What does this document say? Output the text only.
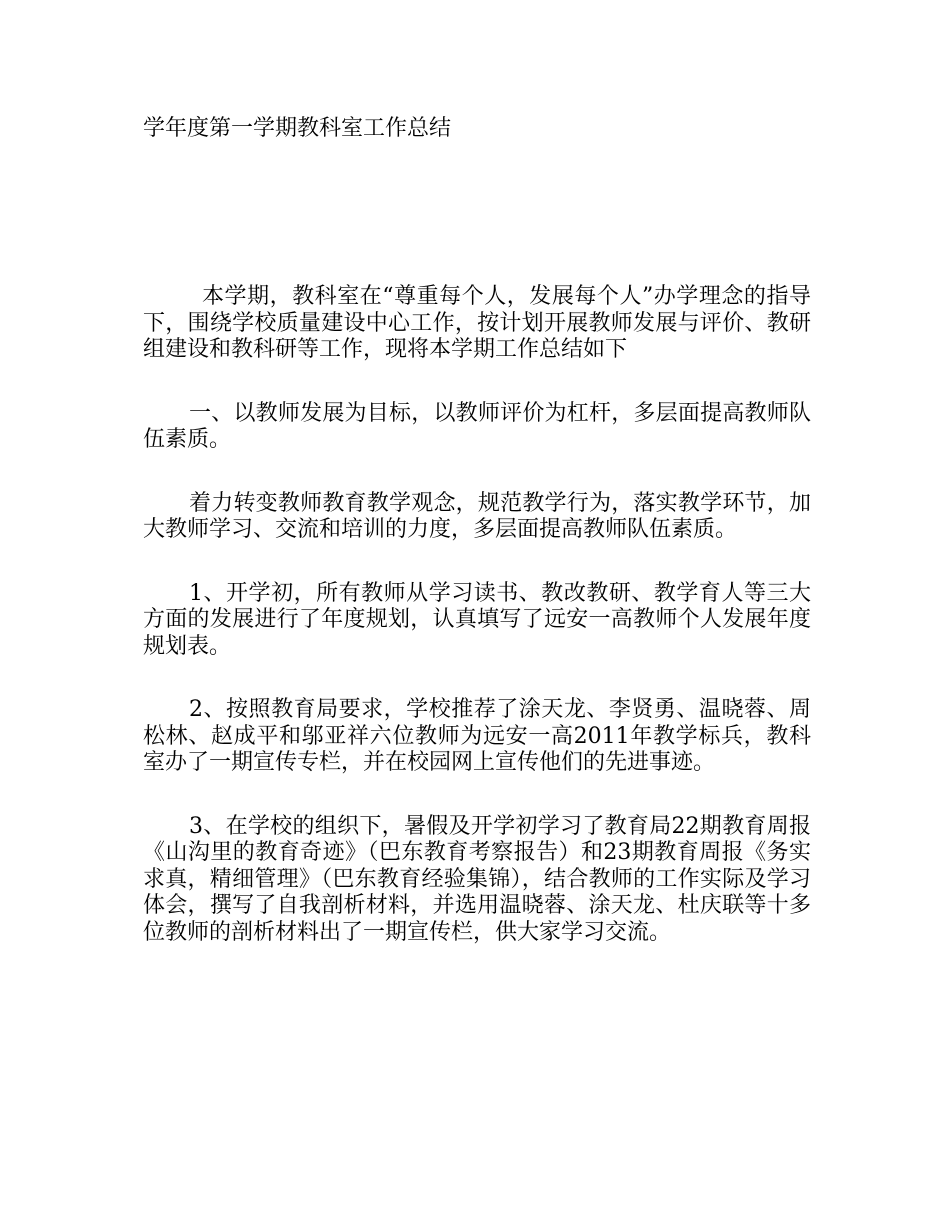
学年度第一学期教科室工作总结

本学期，教科室在“尊重每个人，发展每个人”办学理念的指导下，围绕学校质量建设中心工作，按计划开展教师发展与评价、教研组建设和教科研等工作，现将本学期工作总结如下

一、以教师发展为目标，以教师评价为杠杆，多层面提高教师队伍素质。

着力转变教师教育教学观念，规范教学行为，落实教学环节，加大教师学习、交流和培训的力度，多层面提高教师队伍素质。

1、开学初，所有教师从学习读书、教改教研、教学育人等三大方面的发展进行了年度规划，认真填写了远安一高教师个人发展年度规划表。

2、按照教育局要求，学校推荐了涂天龙、李贤勇、温晓蓉、周松林、赵成平和邬亚祥六位教师为远安一高2011年教学标兵，教科室办了一期宣传专栏，并在校园网上宣传他们的先进事迹。

3、在学校的组织下，暑假及开学初学习了教育局22期教育周报《山沟里的教育奇迹》（巴东教育考察报告）和23期教育周报《务实求真，精细管理》（巴东教育经验集锦），结合教师的工作实际及学习体会，撰写了自我剖析材料，并选用温晓蓉、涂天龙、杜庆联等十多位教师的剖析材料出了一期宣传栏，供大家学习交流。
